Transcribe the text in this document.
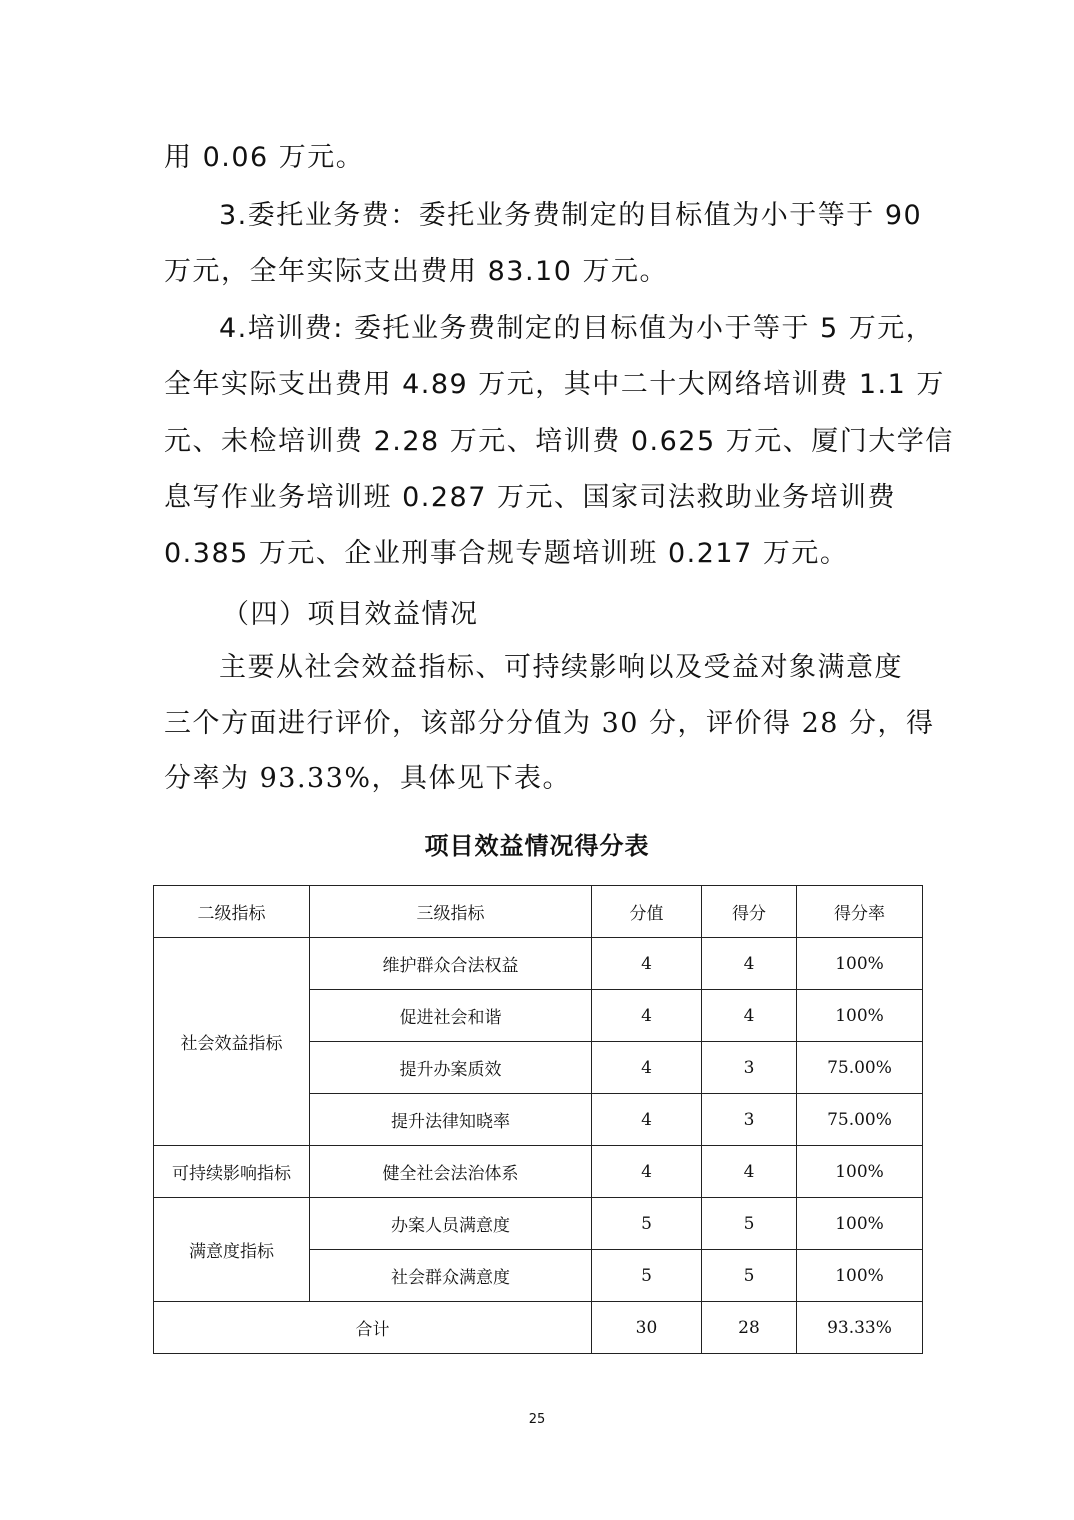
用 0.06 万元。

3.委托业务费：委托业务费制定的目标值为小于等于 90

万元，全年实际支出费用 83.10 万元。

4.培训费: 委托业务费制定的目标值为小于等于 5 万元，

全年实际支出费用 4.89 万元，其中二十大网络培训费 1.1 万

元、未检培训费 2.28 万元、培训费 0.625 万元、厦门大学信

息写作业务培训班 0.287 万元、国家司法救助业务培训费

0.385 万元、企业刑事合规专题培训班 0.217 万元。

（四）项目效益情况

主要从社会效益指标、可持续影响以及受益对象满意度

三个方面进行评价，该部分分值为 30 分，评价得 28 分，得

分率为 93.33%，具体见下表。

项目效益情况得分表
二级指标	三级指标	分值	得分	得分率
社会效益指标	维护群众合法权益	4	4	100%
	促进社会和谐	4	4	100%
	提升办案质效	4	3	75.00%
	提升法律知晓率	4	3	75.00%
可持续影响指标	健全社会法治体系	4	4	100%
满意度指标	办案人员满意度	5	5	100%
	社会群众满意度	5	5	100%
合计		30	28	93.33%
25
